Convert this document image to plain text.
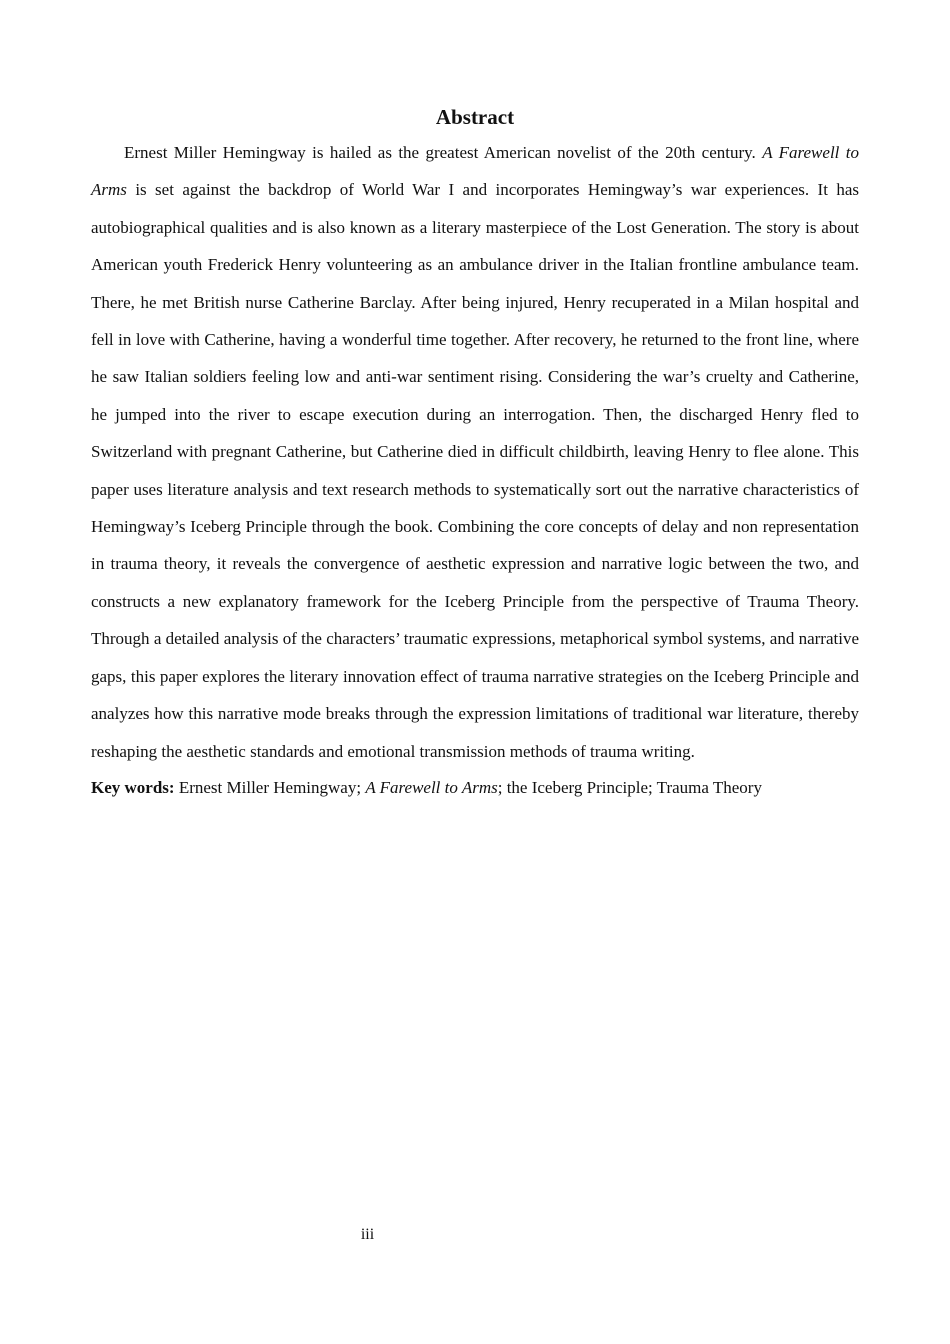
Abstract

Ernest Miller Hemingway is hailed as the greatest American novelist of the 20th century. A Farewell to Arms is set against the backdrop of World War I and incorporates Hemingway’s war experiences. It has autobiographical qualities and is also known as a literary masterpiece of the Lost Generation. The story is about American youth Frederick Henry volunteering as an ambulance driver in the Italian frontline ambulance team. There, he met British nurse Catherine Barclay. After being injured, Henry recuperated in a Milan hospital and fell in love with Catherine, having a wonderful time together. After recovery, he returned to the front line, where he saw Italian soldiers feeling low and anti-war sentiment rising. Considering the war’s cruelty and Catherine, he jumped into the river to escape execution during an interrogation. Then, the discharged Henry fled to Switzerland with pregnant Catherine, but Catherine died in difficult childbirth, leaving Henry to flee alone. This paper uses literature analysis and text research methods to systematically sort out the narrative characteristics of Hemingway’s Iceberg Principle through the book. Combining the core concepts of delay and non representation in trauma theory, it reveals the convergence of aesthetic expression and narrative logic between the two, and constructs a new explanatory framework for the Iceberg Principle from the perspective of Trauma Theory. Through a detailed analysis of the characters’ traumatic expressions, metaphorical symbol systems, and narrative gaps, this paper explores the literary innovation effect of trauma narrative strategies on the Iceberg Principle and analyzes how this narrative mode breaks through the expression limitations of traditional war literature, thereby reshaping the aesthetic standards and emotional transmission methods of trauma writing.

Key words: Ernest Miller Hemingway; A Farewell to Arms; the Iceberg Principle; Trauma Theory

iii
